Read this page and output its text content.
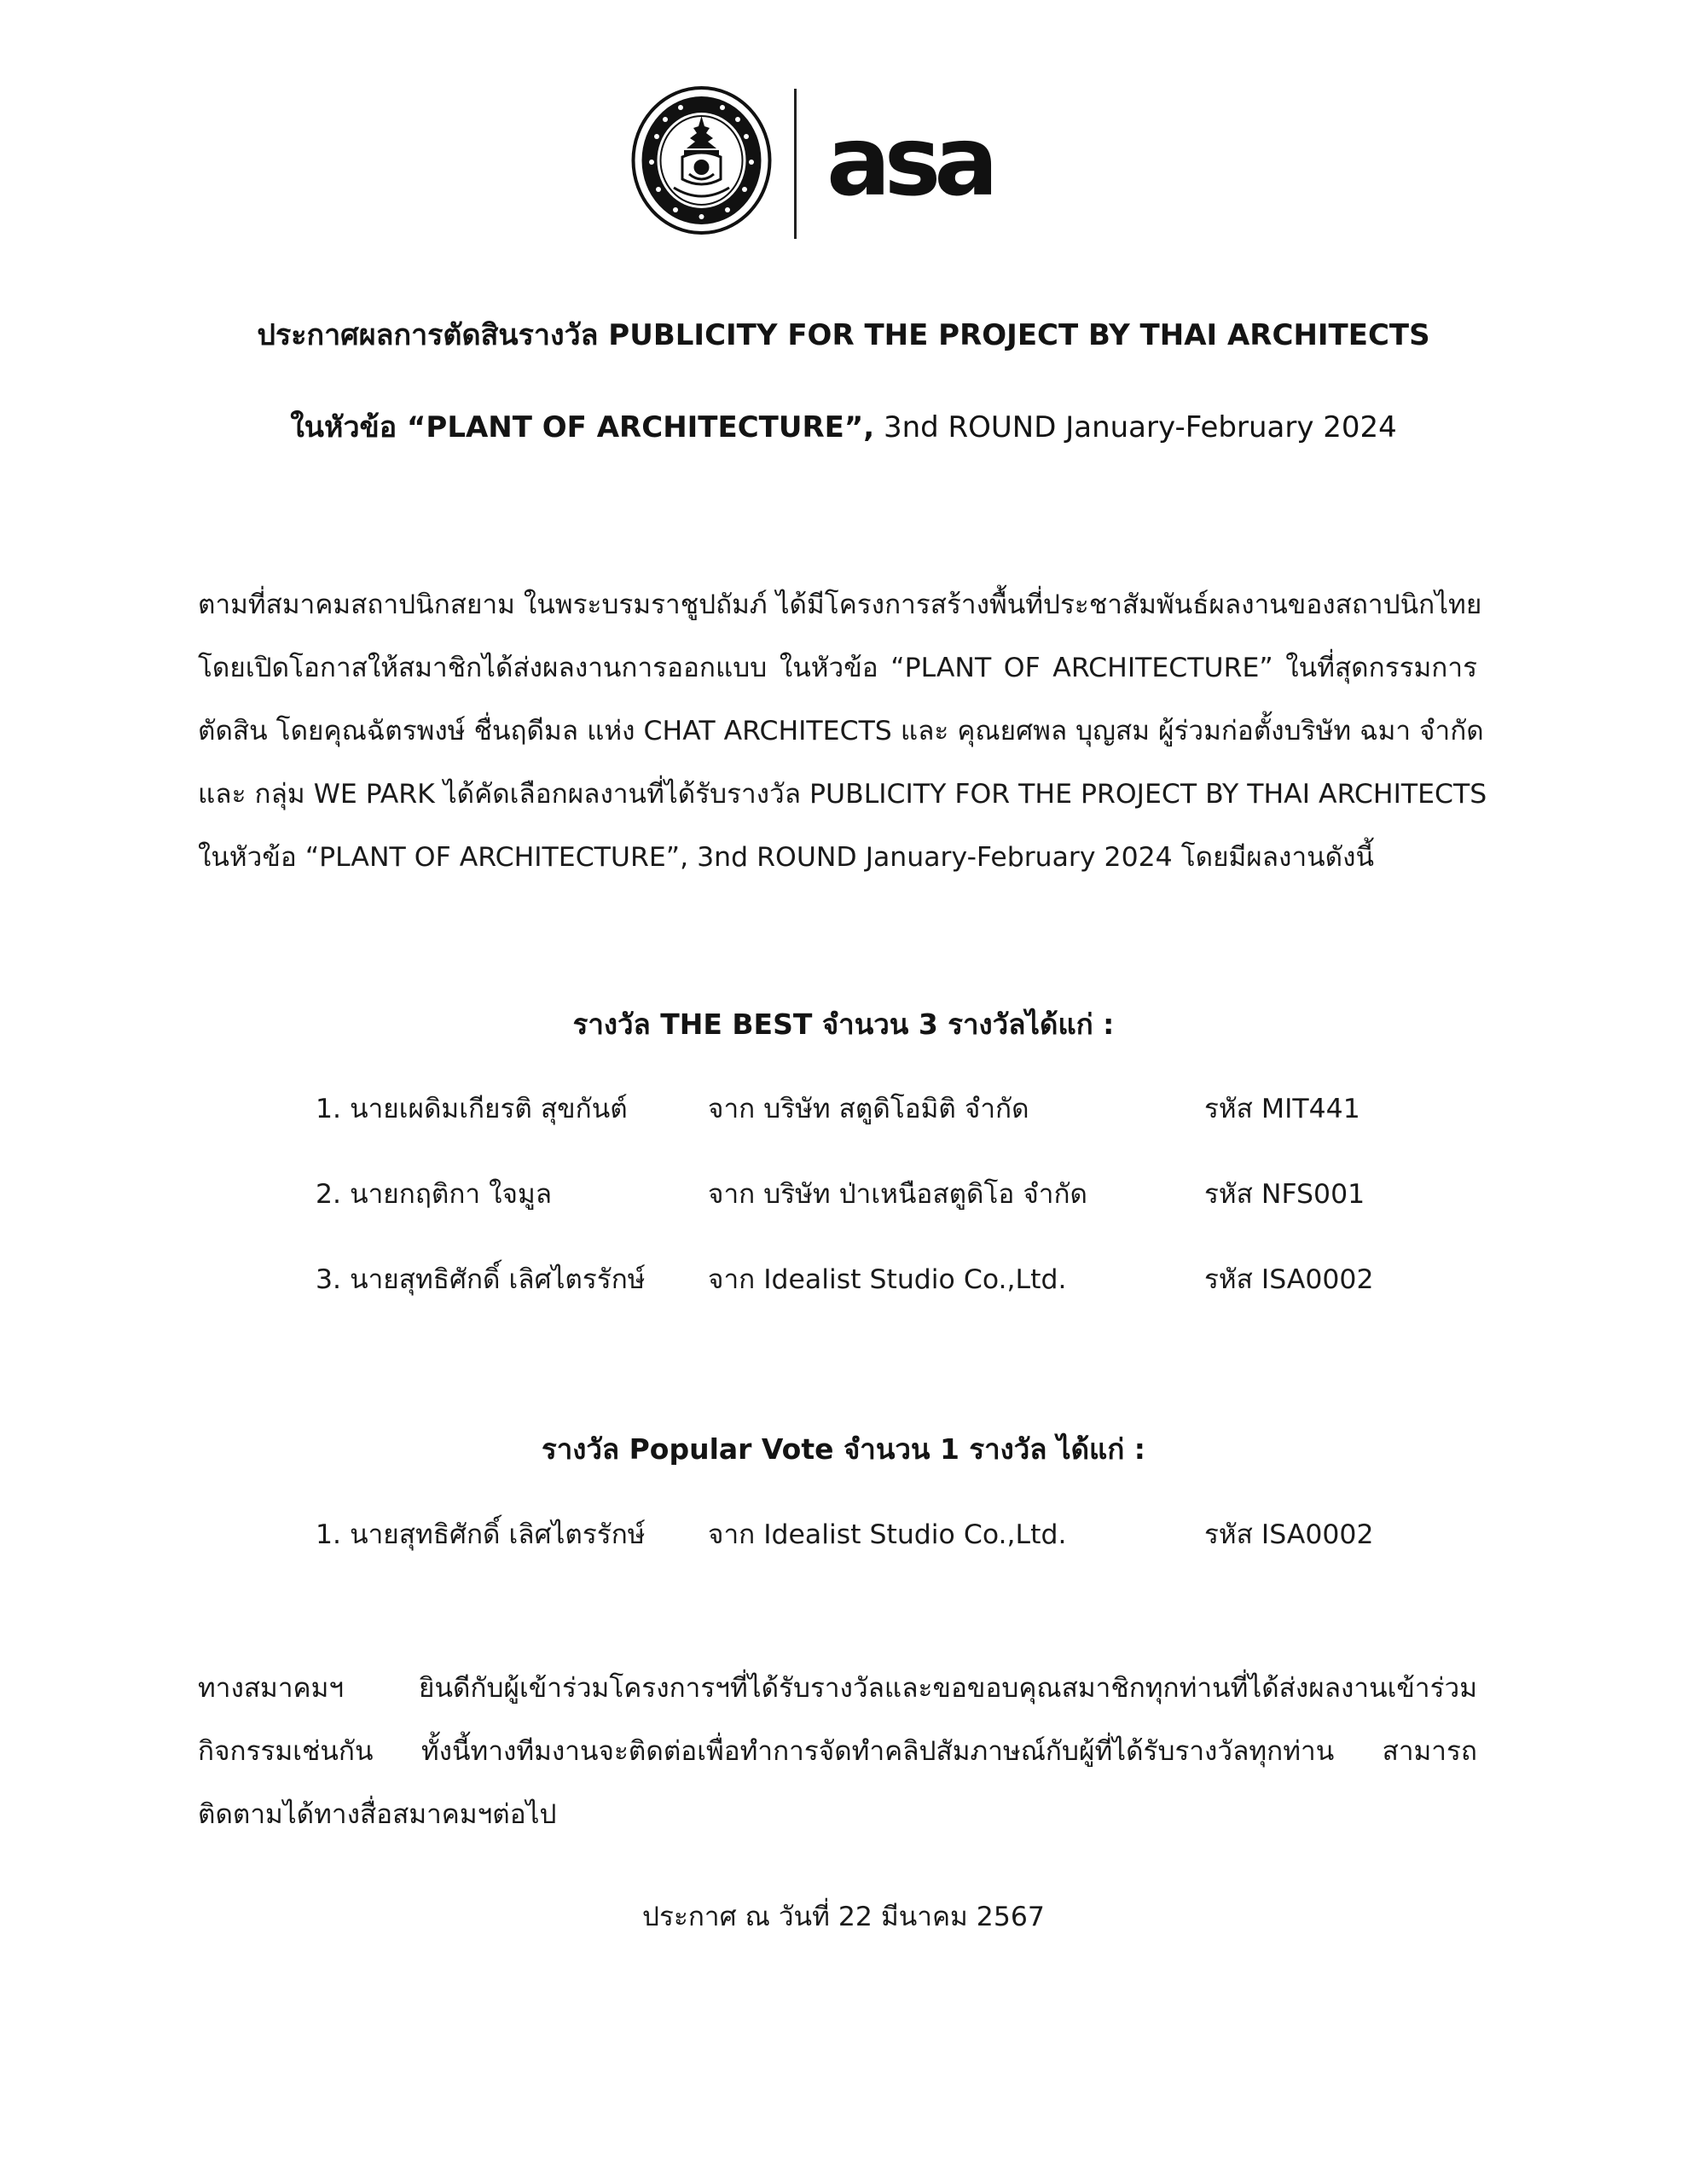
asa
ประกาศผลการตัดสินรางวัล PUBLICITY FOR THE PROJECT BY THAI ARCHITECTS
ในหัวข้อ “PLANT OF ARCHITECTURE”, 3nd ROUND January-February 2024
ตามที่สมาคมสถาปนิกสยาม ในพระบรมราชูปถัมภ์ ได้มีโครงการสร้างพื้นที่ประชาสัมพันธ์ผลงานของสถาปนิกไทย
โดยเปิดโอกาสให้สมาชิกได้ส่งผลงานการออกแบบ ในหัวข้อ “PLANT OF ARCHITECTURE” ในที่สุดกรรมการ
ตัดสิน โดยคุณฉัตรพงษ์ ชื่นฤดีมล แห่ง CHAT ARCHITECTS และ คุณยศพล บุญสม ผู้ร่วมก่อตั้งบริษัท ฉมา จำกัด
และ กลุ่ม WE PARK ได้คัดเลือกผลงานที่ได้รับรางวัล PUBLICITY FOR THE PROJECT BY THAI ARCHITECTS
ในหัวข้อ “PLANT OF ARCHITECTURE”, 3nd ROUND January-February 2024 โดยมีผลงานดังนี้
รางวัล THE BEST จำนวน 3 รางวัลได้แก่ :
1. นายเผดิมเกียรติ สุขกันต์	จาก บริษัท สตูดิโอมิติ จำกัด	รหัส MIT441
2. นายกฤติกา ใจมูล	จาก บริษัท ป่าเหนือสตูดิโอ จำกัด	รหัส NFS001
3. นายสุทธิศักดิ์ เลิศไตรรักษ์ จาก Idealist Studio Co.,Ltd.	รหัส ISA0002
รางวัล Popular Vote จำนวน 1 รางวัล ได้แก่ :
1. นายสุทธิศักดิ์ เลิศไตรรักษ์ จาก Idealist Studio Co.,Ltd.	รหัส ISA0002
ทางสมาคมฯ ยินดีกับผู้เข้าร่วมโครงการฯที่ได้รับรางวัลและขอขอบคุณสมาชิกทุกท่านที่ได้ส่งผลงานเข้าร่วม
กิจกรรมเช่นกัน ทั้งนี้ทางทีมงานจะติดต่อเพื่อทำการจัดทำคลิปสัมภาษณ์กับผู้ที่ได้รับรางวัลทุกท่าน สามารถ
ติดตามได้ทางสื่อสมาคมฯต่อไป
ประกาศ ณ วันที่ 22 มีนาคม 2567
